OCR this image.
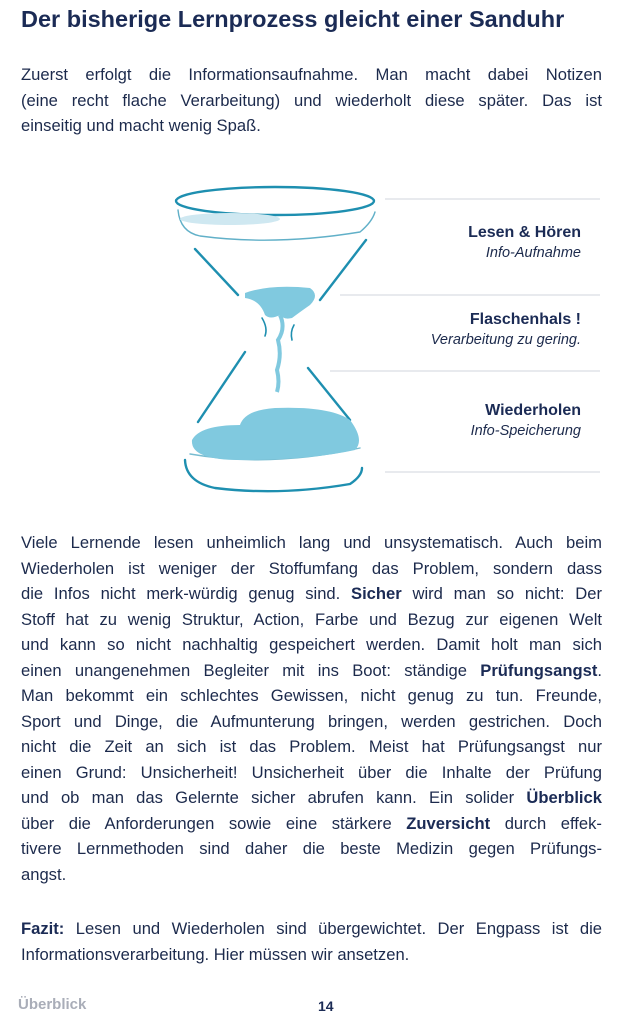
Der bisherige Lernprozess gleicht einer Sanduhr
Zuerst erfolgt die Informationsaufnahme. Man macht dabei Notizen
(eine recht flache Verarbeitung) und wiederholt diese später. Das ist
einseitig und macht wenig Spaß.
Lesen & Hören
Info-Aufnahme
Flaschenhals !
Verarbeitung zu gering.
Wiederholen
Info-Speicherung
Viele Lernende lesen unheimlich lang und unsystematisch. Auch beim
Wiederholen ist weniger der Stoffumfang das Problem, sondern dass
die Infos nicht merk-würdig genug sind. Sicher wird man so nicht: Der
Stoff hat zu wenig Struktur, Action, Farbe und Bezug zur eigenen Welt
und kann so nicht nachhaltig gespeichert werden. Damit holt man sich
einen unangenehmen Begleiter mit ins Boot: ständige Prüfungsangst.
Man bekommt ein schlechtes Gewissen, nicht genug zu tun. Freunde,
Sport und Dinge, die Aufmunterung bringen, werden gestrichen. Doch
nicht die Zeit an sich ist das Problem. Meist hat Prüfungsangst nur
einen Grund: Unsicherheit! Unsicherheit über die Inhalte der Prüfung
und ob man das Gelernte sicher abrufen kann. Ein solider Überblick
über die Anforderungen sowie eine stärkere Zuversicht durch effek-
tivere Lernmethoden sind daher die beste Medizin gegen Prüfungs-
angst.
Fazit: Lesen und Wiederholen sind übergewichtet. Der Engpass ist die
Informationsverarbeitung. Hier müssen wir ansetzen.
Überblick	14
